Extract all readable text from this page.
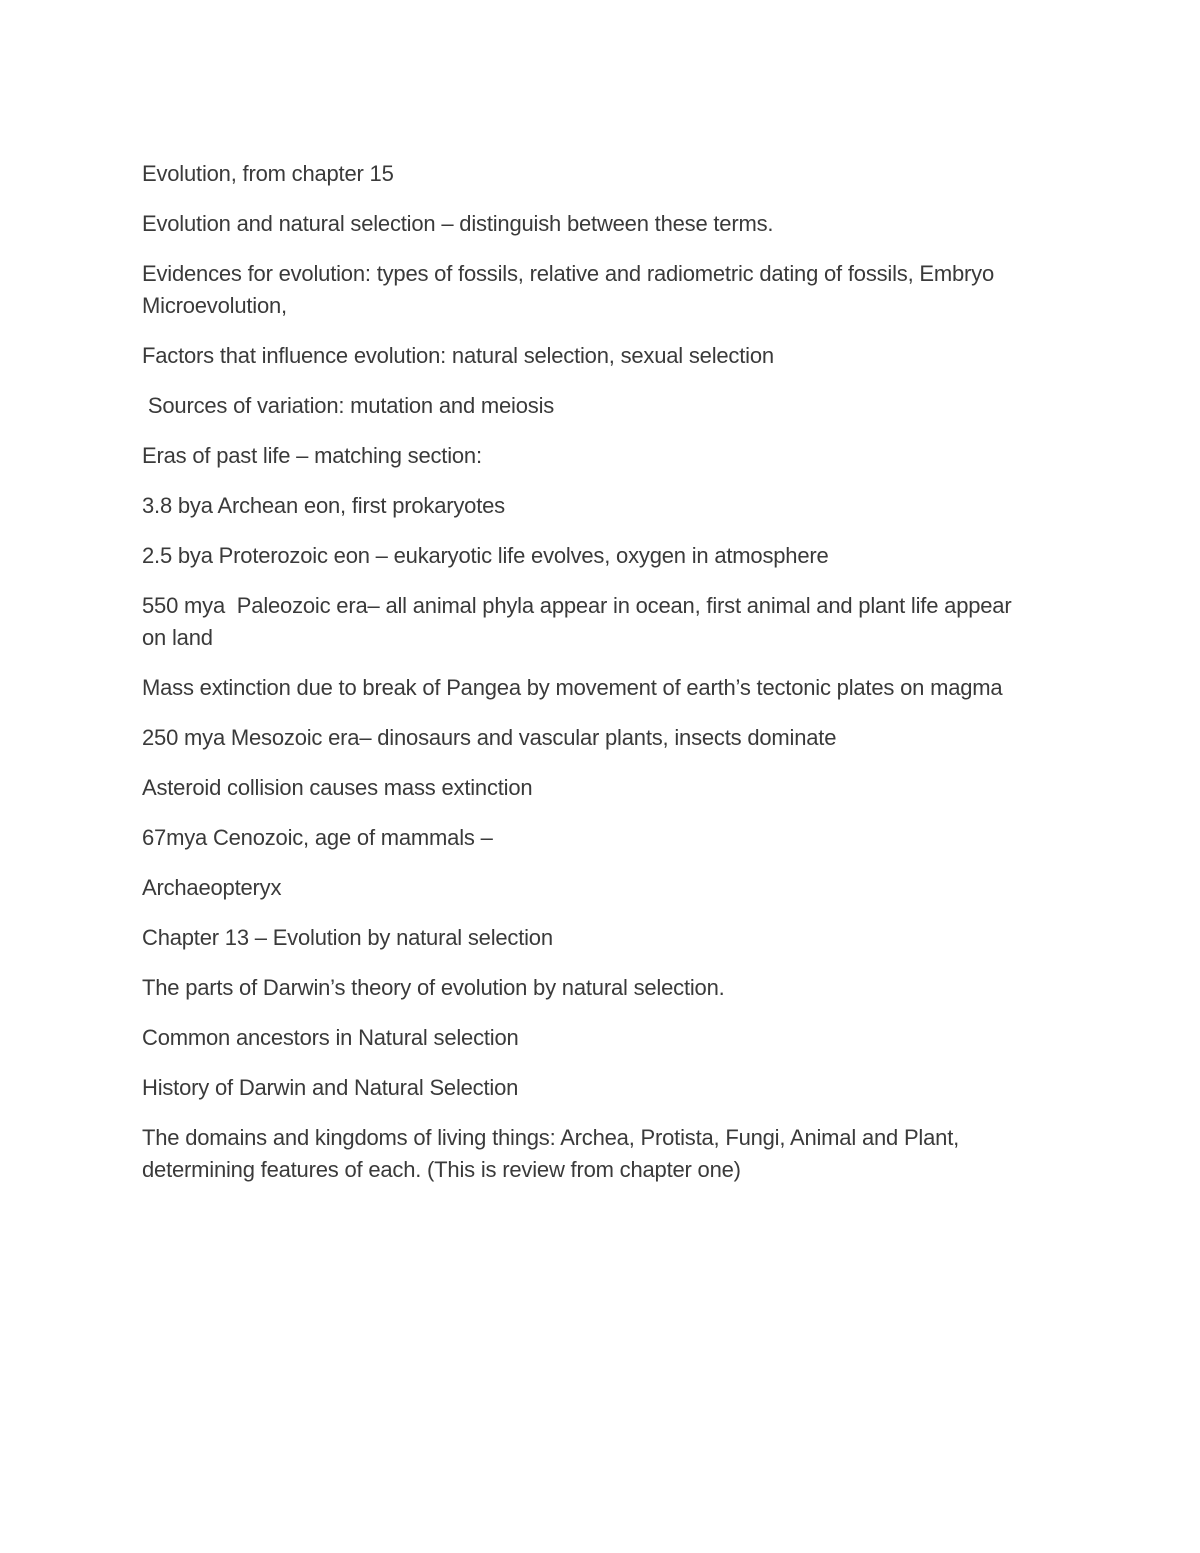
Evolution, from chapter 15

Evolution and natural selection – distinguish between these terms.

Evidences for evolution: types of fossils, relative and radiometric dating of fossils, Embryo
Microevolution,

Factors that influence evolution: natural selection, sexual selection

Sources of variation: mutation and meiosis

Eras of past life – matching section:

3.8 bya Archean eon, first prokaryotes

2.5 bya Proterozoic eon – eukaryotic life evolves, oxygen in atmosphere

550 mya  Paleozoic era– all animal phyla appear in ocean, first animal and plant life appear
on land

Mass extinction due to break of Pangea by movement of earth’s tectonic plates on magma

250 mya Mesozoic era– dinosaurs and vascular plants, insects dominate

Asteroid collision causes mass extinction

67mya Cenozoic, age of mammals –

Archaeopteryx

Chapter 13 – Evolution by natural selection

The parts of Darwin’s theory of evolution by natural selection.

Common ancestors in Natural selection

History of Darwin and Natural Selection

The domains and kingdoms of living things: Archea, Protista, Fungi, Animal and Plant,
determining features of each. (This is review from chapter one)
